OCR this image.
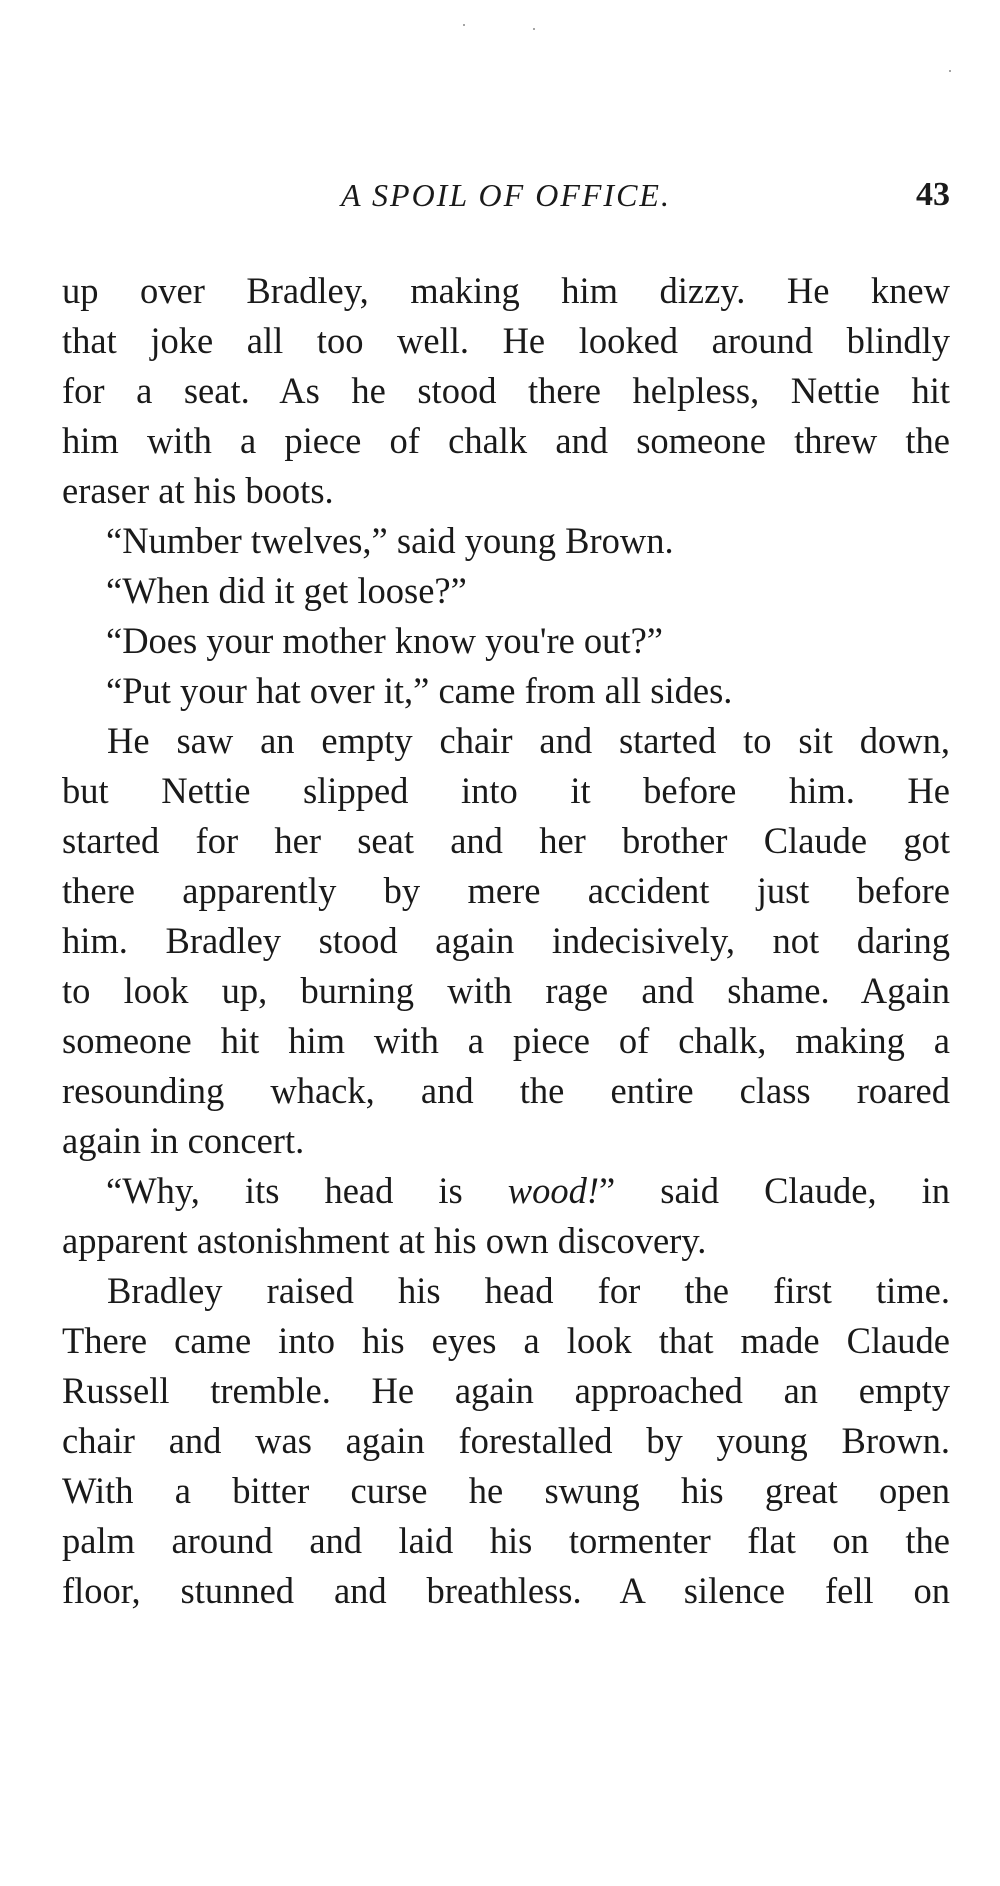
A SPOIL OF OFFICE.	43
up over Bradley, making him dizzy. He knew
that joke all too well. He looked around blindly
for a seat. As he stood there helpless, Nettie hit
him with a piece of chalk and someone threw the
eraser at his boots.
“Number twelves,” said young Brown.
“When did it get loose?”
“Does your mother know you're out?”
“Put your hat over it,” came from all sides.
He saw an empty chair and started to sit down,
but Nettie slipped into it before him. He
started for her seat and her brother Claude got
there apparently by mere accident just before
him. Bradley stood again indecisively, not daring
to look up, burning with rage and shame. Again
someone hit him with a piece of chalk, making a
resounding whack, and the entire class roared
again in concert.
“Why, its head is wood!” said Claude, in
apparent astonishment at his own discovery.
Bradley raised his head for the first time.
There came into his eyes a look that made Claude
Russell tremble. He again approached an empty
chair and was again forestalled by young Brown.
With a bitter curse he swung his great open
palm around and laid his tormenter flat on the
floor, stunned and breathless. A silence fell on
